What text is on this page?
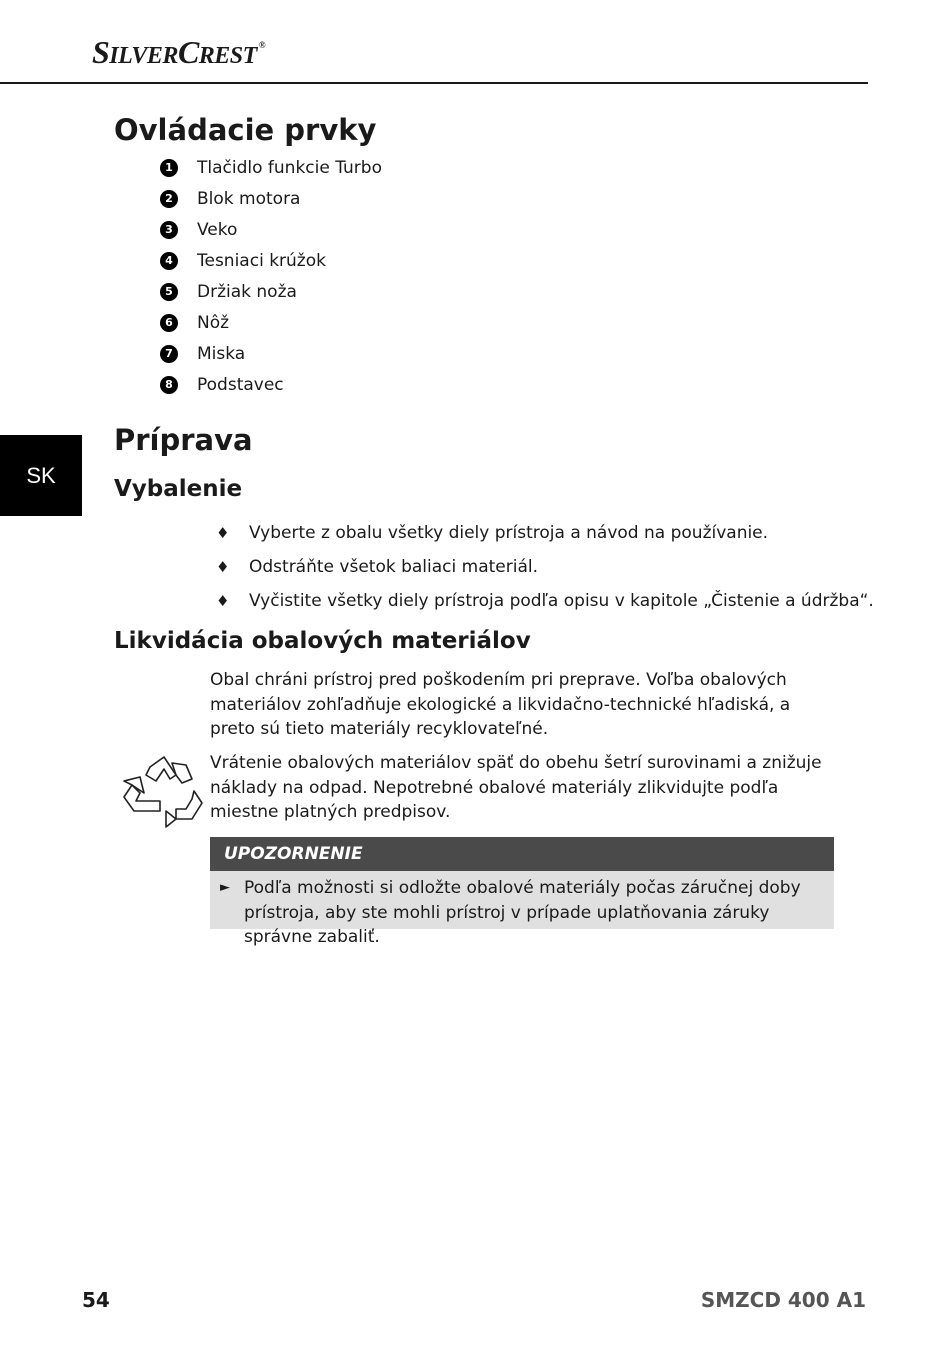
SILVERCREST ®
SK
Ovládacie prvky
1	Tlačidlo funkcie Turbo
2	Blok motora
3	Veko
4	Tesniaci krúžok
5	Držiak noža
6	Nôž
7	Miska
8	Podstavec
Príprava
Vybalenie
♦ Vyberte z obalu všetky diely prístroja a návod na používanie.
♦ Odstráňte všetok baliaci materiál.
♦ Vyčistite všetky diely prístroja podľa opisu v kapitole „Čistenie a údržba“.
Likvidácia obalových materiálov

Obal chráni prístroj pred poškodením pri preprave. Voľba obalových materiálov zohľadňuje ekologické a likvidačno-technické hľadiská, a preto sú tieto materiály recyklovateľné.

Vrátenie obalových materiálov späť do obehu šetrí surovinami a znižuje náklady na odpad. Nepotrebné obalové materiály zlikvidujte podľa miestne platných predpisov.

UPOZORNENIE
► Podľa možnosti si odložte obalové materiály počas záručnej doby prístroja, aby ste mohli prístroj v prípade uplatňovania záruky správne zabaliť.
54	SMZCD 400 A1
